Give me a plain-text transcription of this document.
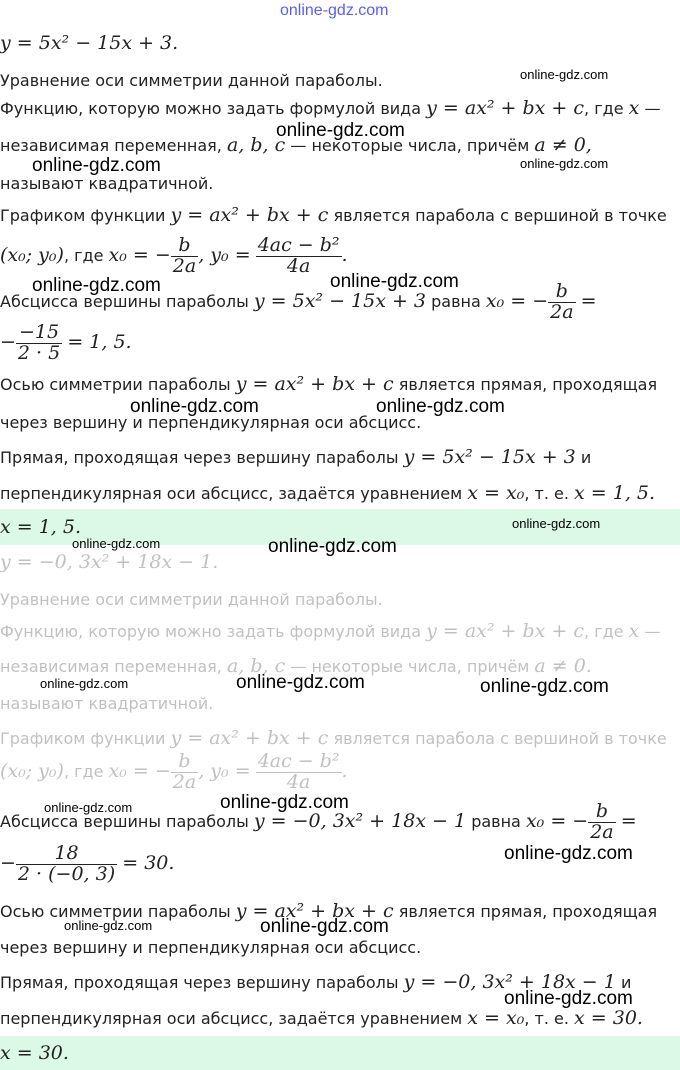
online-gdz.com
y = 5x² − 15x + 3.
Уравнение оси симметрии данной параболы.
Функцию, которую можно задать формулой вида y = ax² + bx + c, где x —
независимая переменная, a, b, c — некоторые числа, причём a ≠ 0,
называют квадратичной.
Графиком функции y = ax² + bx + c является парабола с вершиной в точке
(x₀; y₀), где x₀ = − $\frac{b}{2a}$ , $y_0 = \frac{\text{4ac − b²}}{4a}$ .
Абсцисса вершины параболы y = 5x² − 15x + 3 равна x₀ = − $\frac{b}{2a}$ =
− $\frac{-15}{2 \cdot 5} = 1$, 5.
Осью симметрии параболы y = ax² + bx + c является прямая, проходящая
через вершину и перпендикулярная оси абсцисс.
Прямая, проходящая через вершину параболы y = 5x² − 15x + 3 и
перпендикулярная оси абсцисс, задаётся уравнением x = x₀, т. е. x = 1, 5.
x = 1, 5.
y = −0, 3x² + 18x − 1.
Уравнение оси симметрии данной параболы.
Функцию, которую можно задать формулой вида y = ax² + bx + c, где x —
независимая переменная, a, b, c — некоторые числа, причём a ≠ 0.
называют квадратичной.
Графиком функции y = ax² + bx + c является парабола с вершиной в точке
(x₀; y₀), где x₀ = − $\frac{b}{2a}$ , $y_0 = \frac{\text{4ac − b²}}{4a}$ .
Абсцисса вершины параболы y = −0, 3x² + 18x − 1 равна x₀ = − $\frac{b}{2a}$ =
− $\frac{18}{2 \cdot (-0, 3)} = 30$.
Осью симметрии параболы y = ax² + bx + c является прямая, проходящая
через вершину и перпендикулярная оси абсцисс.
Прямая, проходящая через вершину параболы y = −0, 3x² + 18x − 1 и
перпендикулярная оси абсцисс, задаётся уравнением x = x₀, т. е. x = 30.
x = 30.
online-gdz.com
online-gdz.com
online-gdz.com
online-gdz.com
online-gdz.com
online-gdz.com
online-gdz.com	online-gdz.com
online-gdz.com
online-gdz.com	online-gdz.com
online-gdz.com	online-gdz.com	online-gdz.com
online-gdz.com	online-gdz.com
online-gdz.com
online-gdz.com	online-gdz.com
online-gdz.com
